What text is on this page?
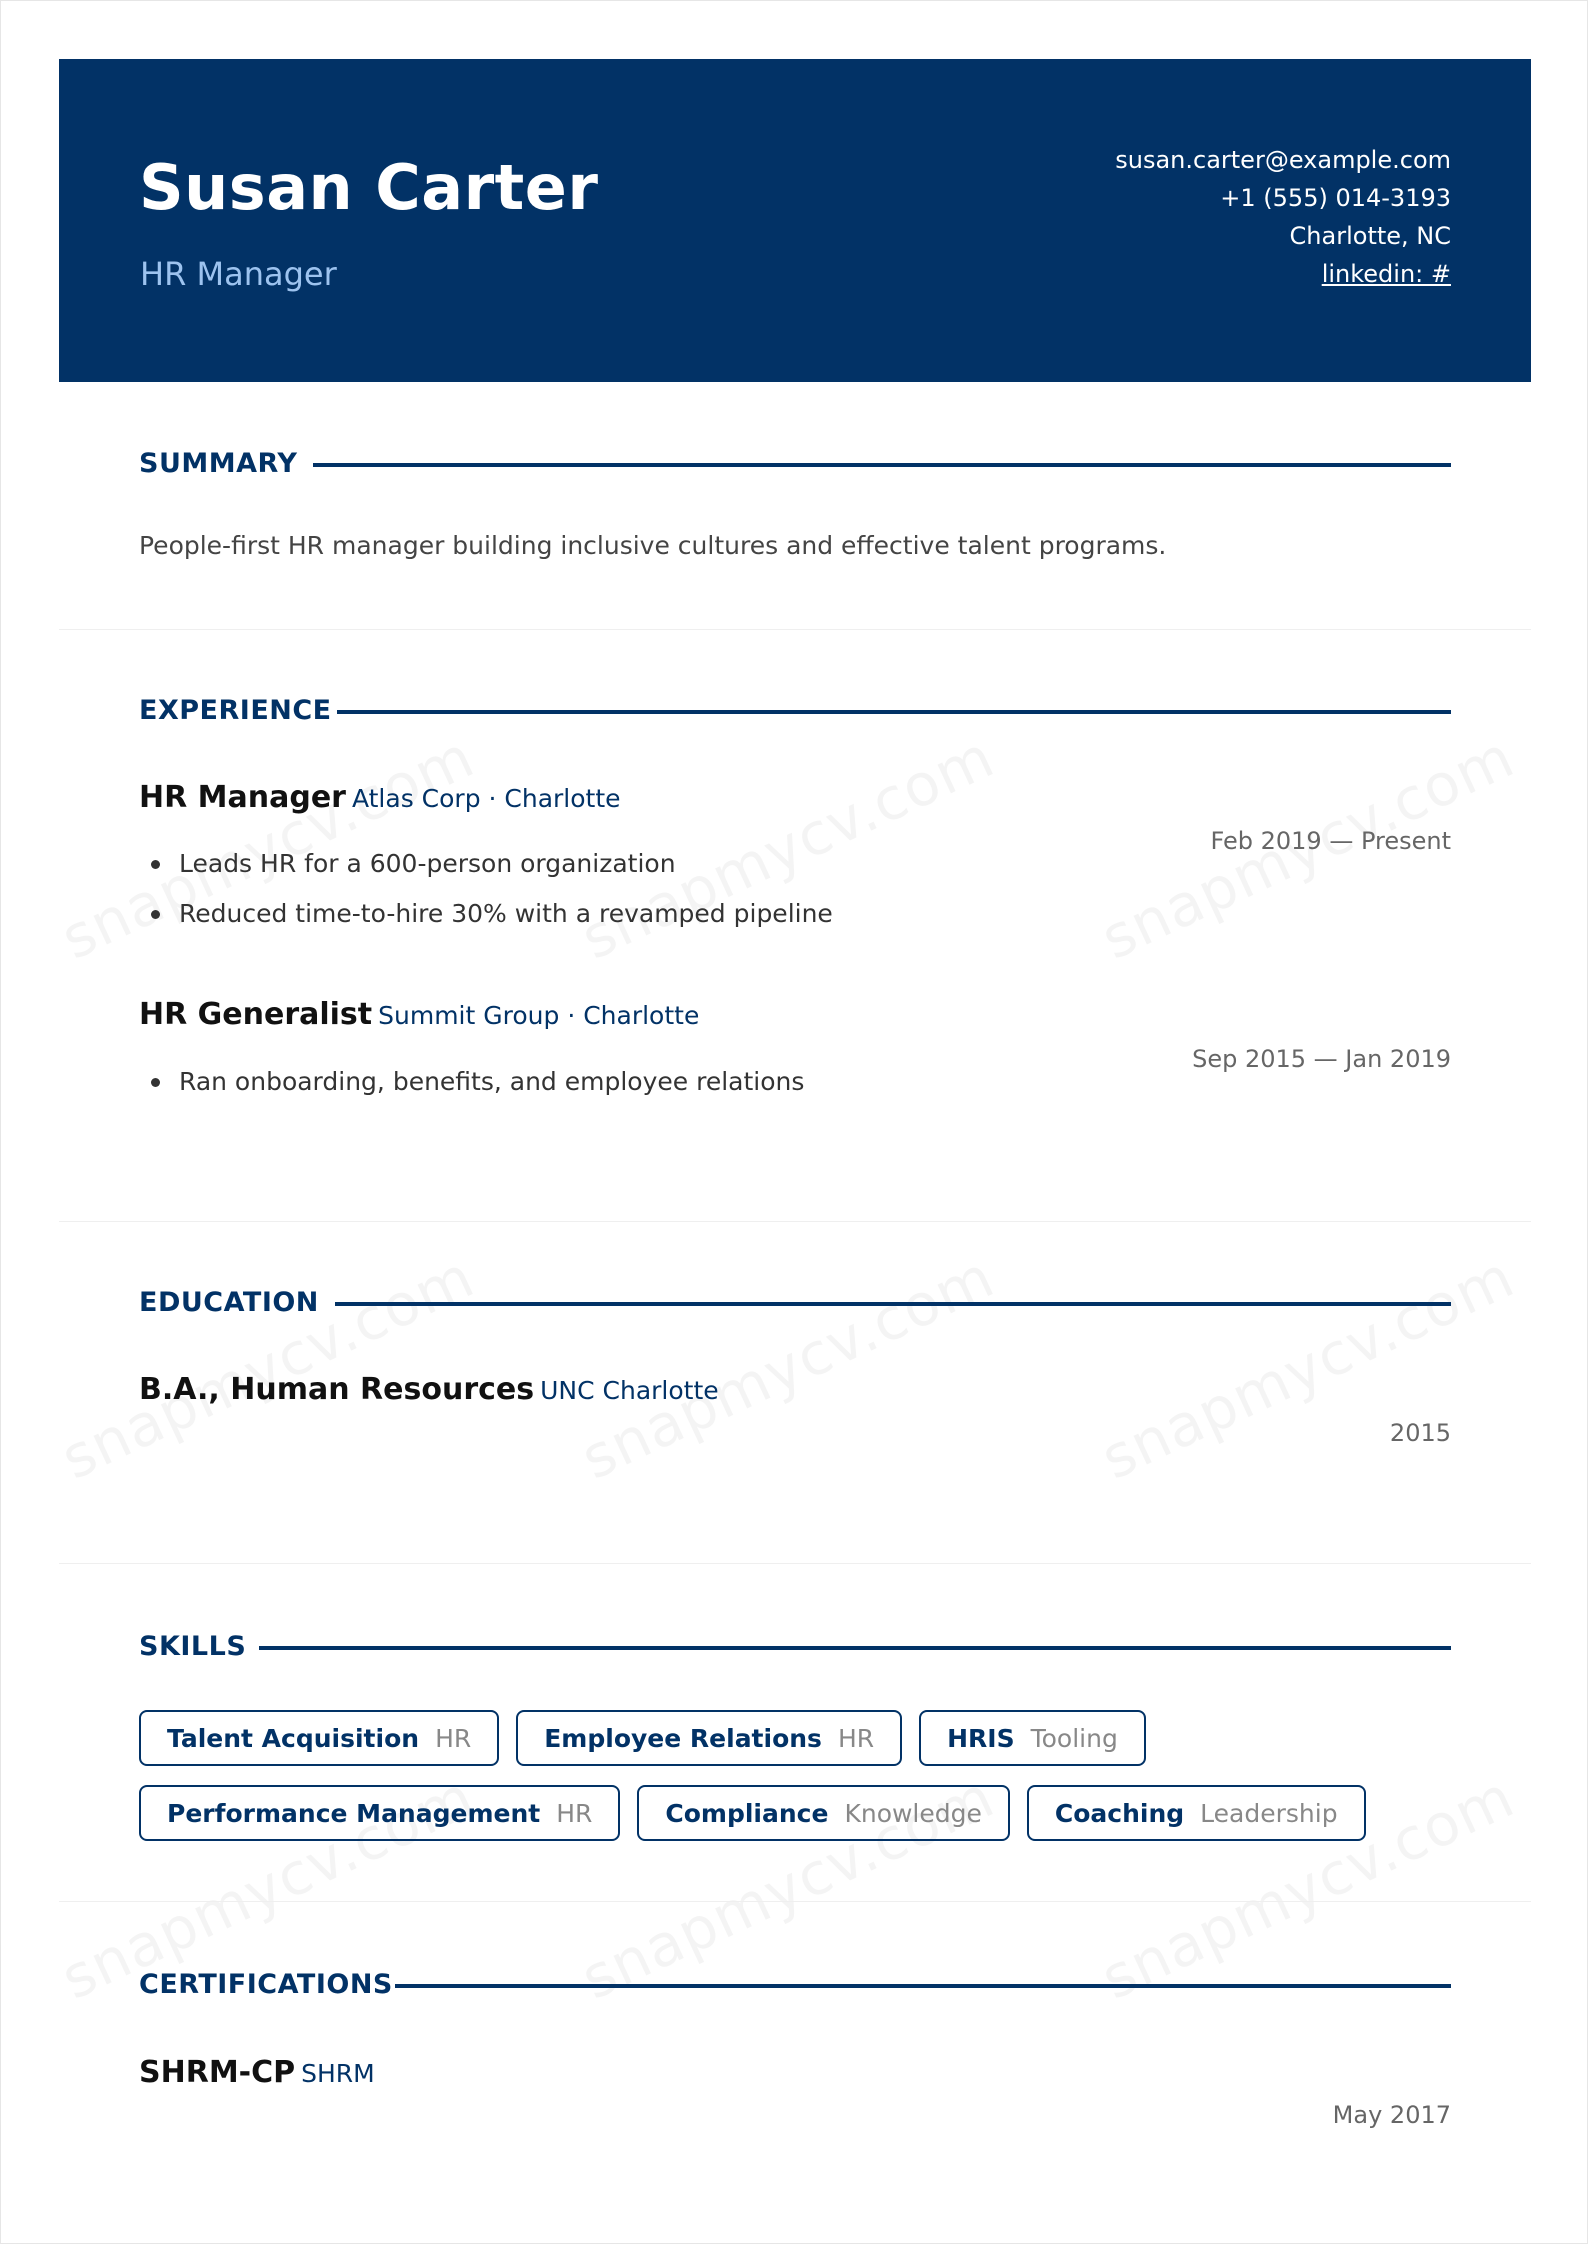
Susan Carter
HR Manager
susan.carter@example.com
+1 (555) 014-3193
Charlotte, NC
linkedin: #
SUMMARY
People-first HR manager building inclusive cultures and effective talent programs.
EXPERIENCE
HR Manager Atlas Corp · Charlotte
Feb 2019 — Present
Leads HR for a 600-person organization
Reduced time-to-hire 30% with a revamped pipeline
HR Generalist Summit Group · Charlotte
Sep 2015 — Jan 2019
Ran onboarding, benefits, and employee relations
EDUCATION
B.A., Human Resources UNC Charlotte
2015
SKILLS
Talent Acquisition HR	Employee Relations HR	HRIS Tooling
Performance Management HR	Compliance Knowledge	Coaching Leadership
CERTIFICATIONS
SHRM-CP SHRM
May 2017
